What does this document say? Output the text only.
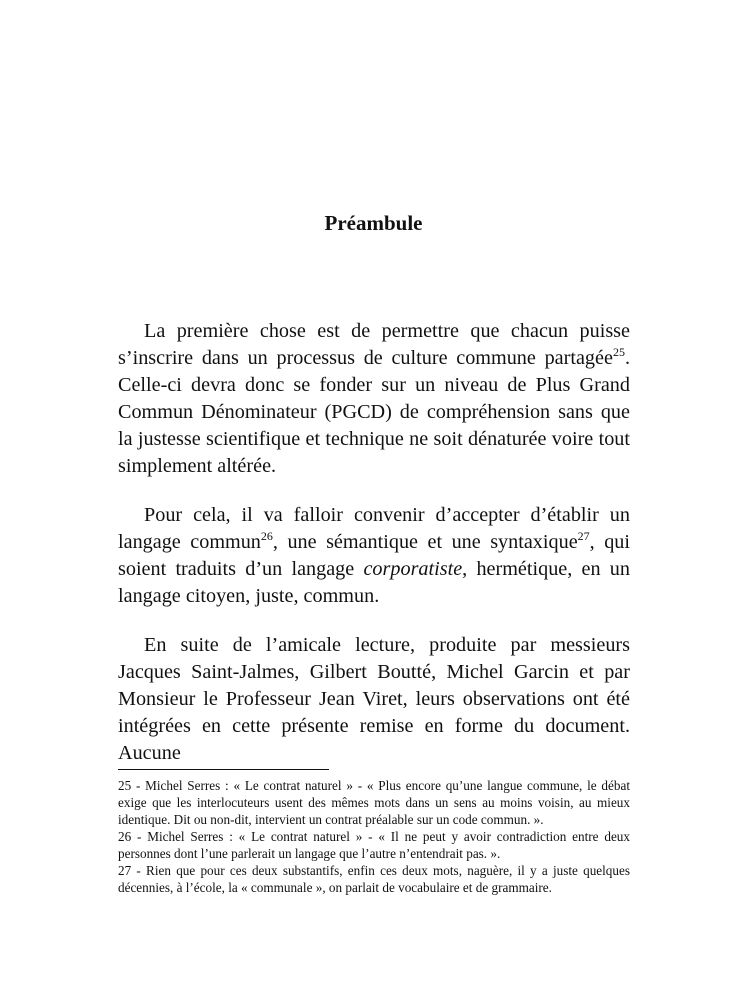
Préambule

La première chose est de permettre que chacun puisse s’inscrire dans un processus de culture commune partagée$^{25}$. Celle-ci devra donc se fonder sur un niveau de Plus Grand Commun Dénominateur (PGCD) de compréhension sans que la justesse scientifique et technique ne soit dénaturée voire tout simplement altérée.

Pour cela, il va falloir convenir d’accepter d’établir un langage commun$^{26}$, une sémantique et une syntaxique$^{27}$, qui soient traduits d’un langage corporatiste, hermétique, en un langage citoyen, juste, commun.

En suite de l’amicale lecture, produite par messieurs Jacques Saint-Jalmes, Gilbert Boutté, Michel Garcin et par Monsieur le Professeur Jean Viret, leurs observations ont été intégrées en cette présente remise en forme du document. Aucune

25 - Michel Serres : « Le contrat naturel » - « Plus encore qu’une langue commune, le débat exige que les interlocuteurs usent des mêmes mots dans un sens au moins voisin, au mieux identique. Dit ou non-dit, intervient un contrat préalable sur un code commun. ».

26 - Michel Serres : « Le contrat naturel » - « Il ne peut y avoir contradiction entre deux personnes dont l’une parlerait un langage que l’autre n’entendrait pas. ».

27 - Rien que pour ces deux substantifs, enfin ces deux mots, naguère, il y a juste quelques décennies, à l’école, la « communale », on parlait de vocabulaire et de grammaire.
